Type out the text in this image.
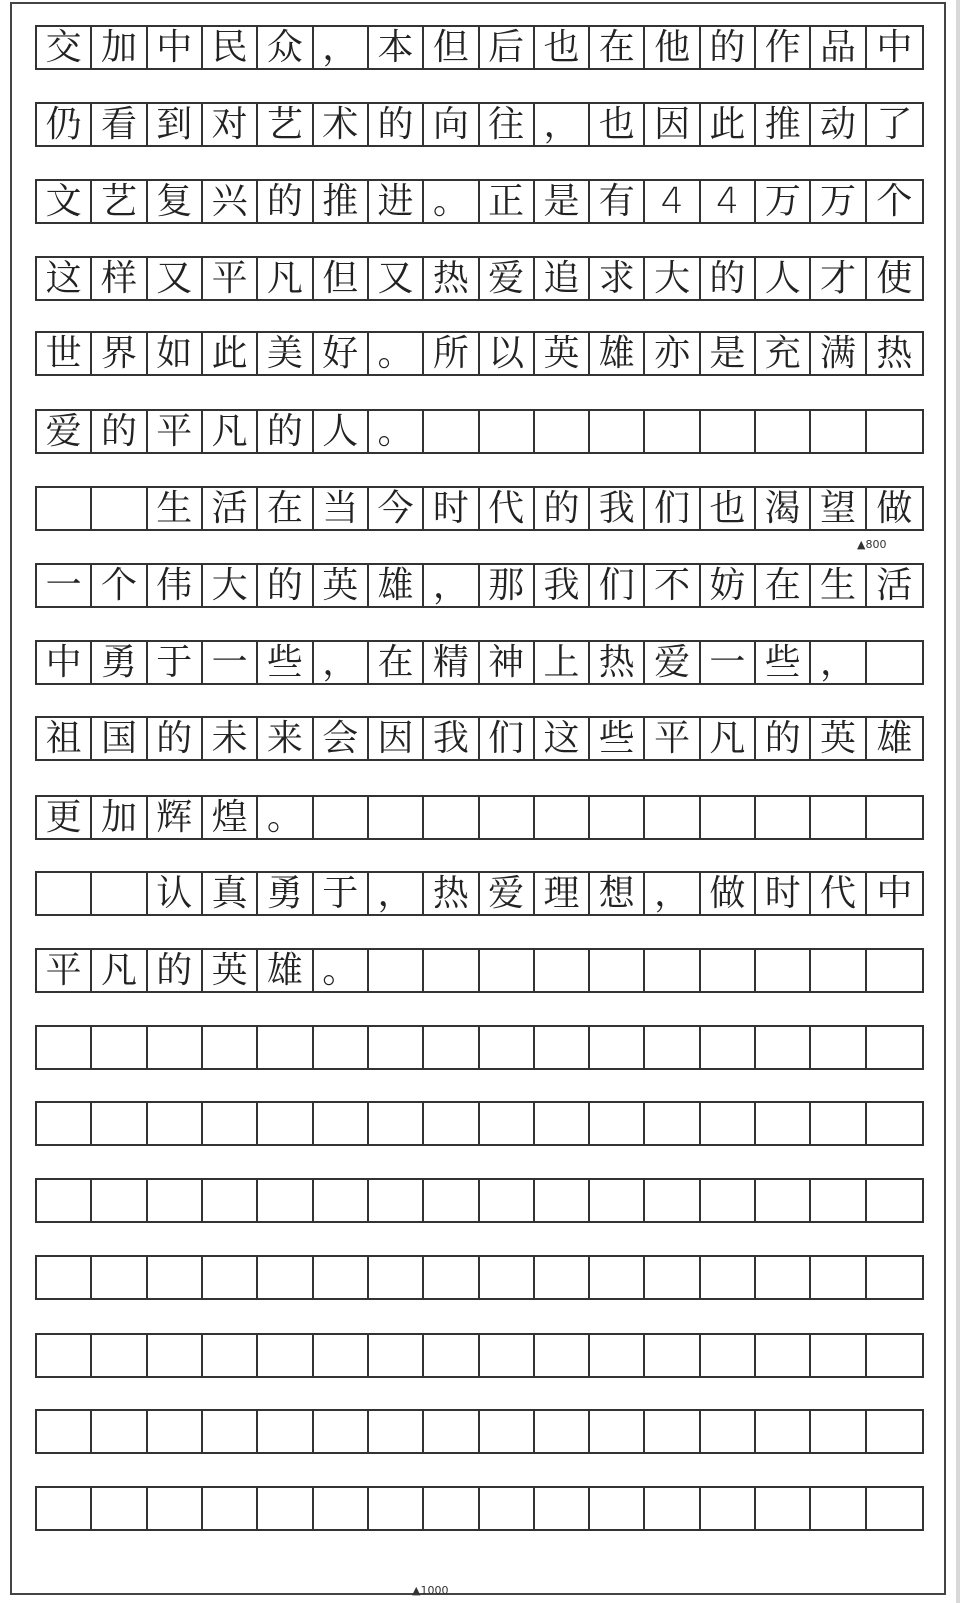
交 加 中 民 众 ， 本 但 后 也 在 他 的 作 品 中
仍 看 到 对 艺 术 的 向 往 ， 也 因 此 推 动 了
文 艺 复 兴 的 推 进 。 正 是 有 4 4 万 万 个
这 样 又 平 凡 但 又 热 爱 追 求 大 的 人 才 使
世 界 如 此 美 好 。 所 以 英 雄 亦 是 充 满 热
爱 的 平 凡 的 人 。
生 活 在 当 今 时 代 的 我 们 也 渴 望 做
一 个 伟 大 的 英 雄 ， 那 我 们 不 妨 在 生 活
中 勇 于 一 些 ， 在 精 神 上 热 爱 一 些 ，
祖 国 的 未 来 会 因 我 们 这 些 平 凡 的 英 雄
更 加 辉 煌 。
认 真 勇 于 ， 热 爱 理 想 ， 做 时 代 中
平 凡 的 英 雄 。
▲800
▲1000
